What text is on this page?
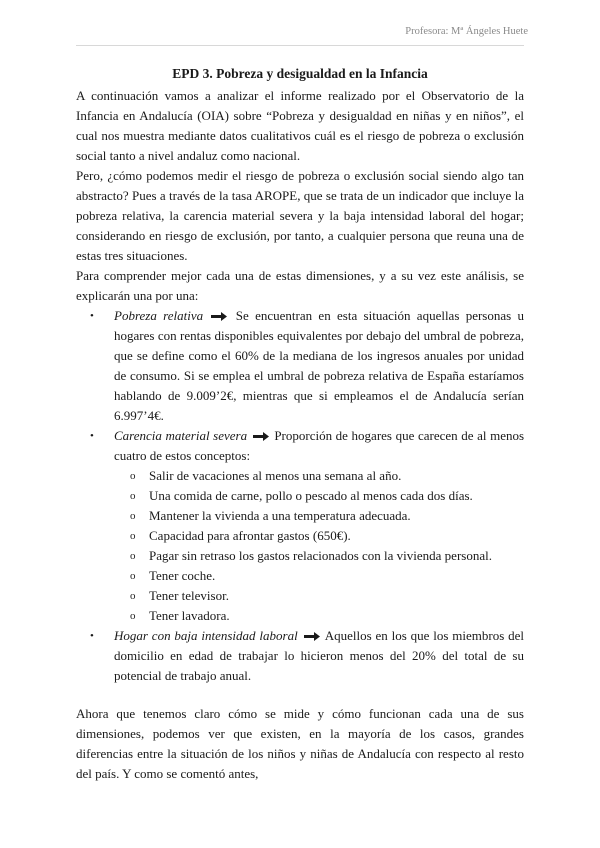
Profesora: Mª Ángeles Huete

EPD 3. Pobreza y desigualdad en la Infancia

A continuación vamos a analizar el informe realizado por el Observatorio de la Infancia en Andalucía (OIA) sobre “Pobreza y desigualdad en niñas y en niños”, el cual nos muestra mediante datos cualitativos cuál es el riesgo de pobreza o exclusión social tanto a nivel andaluz como nacional.

Pero, ¿cómo podemos medir el riesgo de pobreza o exclusión social siendo algo tan abstracto? Pues a través de la tasa AROPE, que se trata de un indicador que incluye la pobreza relativa, la carencia material severa y la baja intensidad laboral del hogar; considerando en riesgo de exclusión, por tanto, a cualquier persona que reuna una de estas tres situaciones.

Para comprender mejor cada una de estas dimensiones, y a su vez este análisis, se explicarán una por una:

• Pobreza relativa	Se encuentran en esta situación aquellas personas u hogares con rentas disponibles equivalentes por debajo del umbral de pobreza, que se define como el 60% de la mediana de los ingresos anuales por unidad de consumo. Si se emplea el umbral de pobreza relativa de España estaríamos hablando de 9.009’2€, mientras que si empleamos el de Andalucía serían 6.997’4€.
• Carencia material severa Proporción de hogares que carecen de al menos cuatro de estos conceptos:
o Salir de vacaciones al menos una semana al año.
o Una comida de carne, pollo o pescado al menos cada dos días.
o Mantener la vivienda a una temperatura adecuada.
o Capacidad para afrontar gastos (650€).
o Pagar sin retraso los gastos relacionados con la vivienda personal.
o Tener coche.
o Tener televisor.
o Tener lavadora.
• Hogar con baja intensidad laboral Aquellos en los que los miembros del domicilio en edad de trabajar lo hicieron menos del 20% del total de su potencial de trabajo anual.

Ahora que tenemos claro cómo se mide y cómo funcionan cada una de sus dimensiones, podemos ver que existen, en la mayoría de los casos, grandes diferencias entre la situación de los niños y niñas de Andalucía con respecto al resto del país. Y como se comentó antes,
